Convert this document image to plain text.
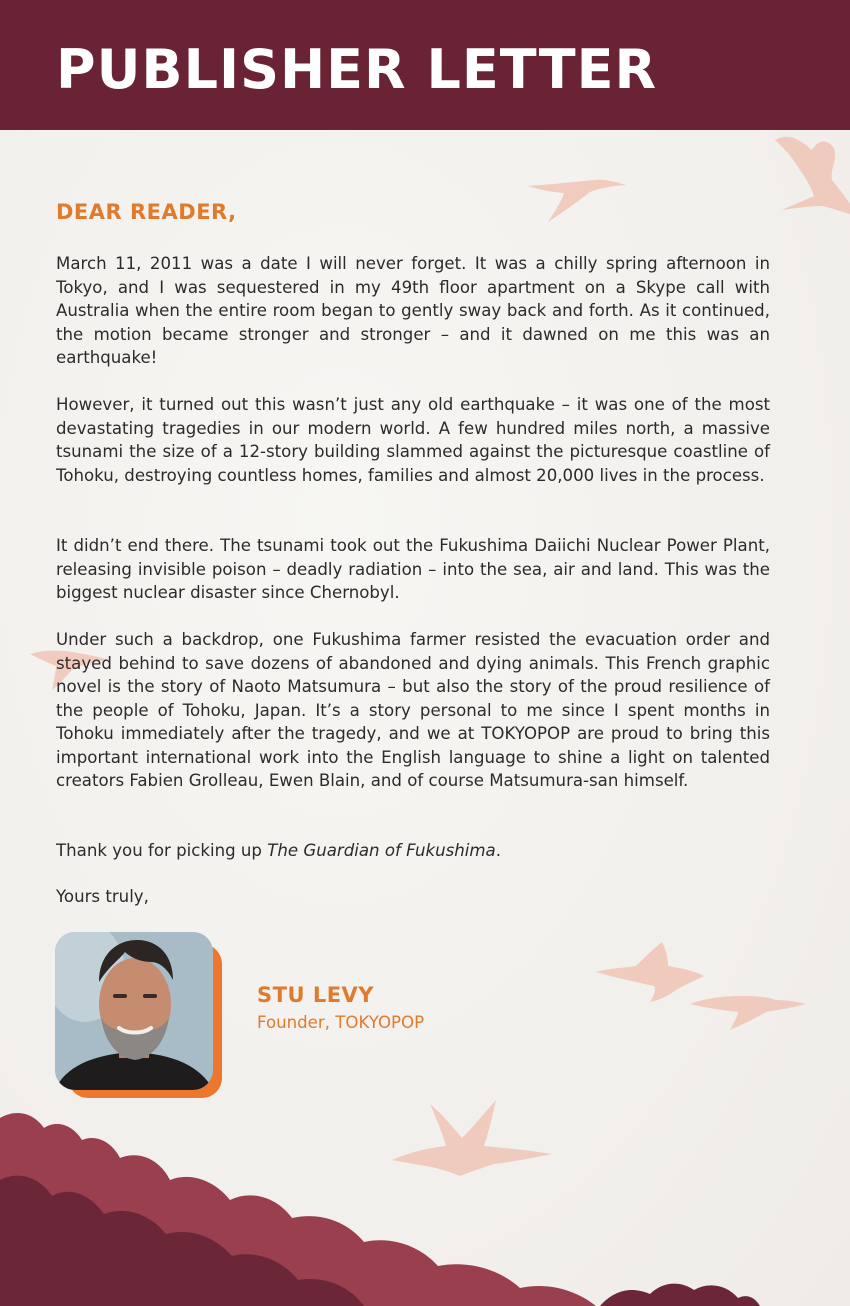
PUBLISHER LETTER
DEAR READER,

March 11, 2011 was a date I will never forget. It was a chilly spring afternoon in Tokyo, and I was sequestered in my 49th floor apartment on a Skype call with Australia when the entire room began to gently sway back and forth. As it continued, the motion became stronger and stronger – and it dawned on me this was an earthquake!

However, it turned out this wasn’t just any old earthquake – it was one of the most devastating tragedies in our modern world. A few hundred miles north, a massive tsunami the size of a 12-story building slammed against the picturesque coastline of Tohoku, destroying countless homes, families and almost 20,000 lives in the process.

It didn’t end there. The tsunami took out the Fukushima Daiichi Nuclear Power Plant, releasing invisible poison – deadly radiation – into the sea, air and land. This was the biggest nuclear disaster since Chernobyl.

Under such a backdrop, one Fukushima farmer resisted the evacuation order and stayed behind to save dozens of abandoned and dying animals. This French graphic novel is the story of Naoto Matsumura – but also the story of the proud resilience of the people of Tohoku, Japan. It’s a story personal to me since I spent months in Tohoku immediately after the tragedy, and we at TOKYOPOP are proud to bring this important international work into the English language to shine a light on talented creators Fabien Grolleau, Ewen Blain, and of course Matsumura-san himself.

Thank you for picking up The Guardian of Fukushima.

Yours truly,

STU LEVY

Founder, TOKYOPOP
